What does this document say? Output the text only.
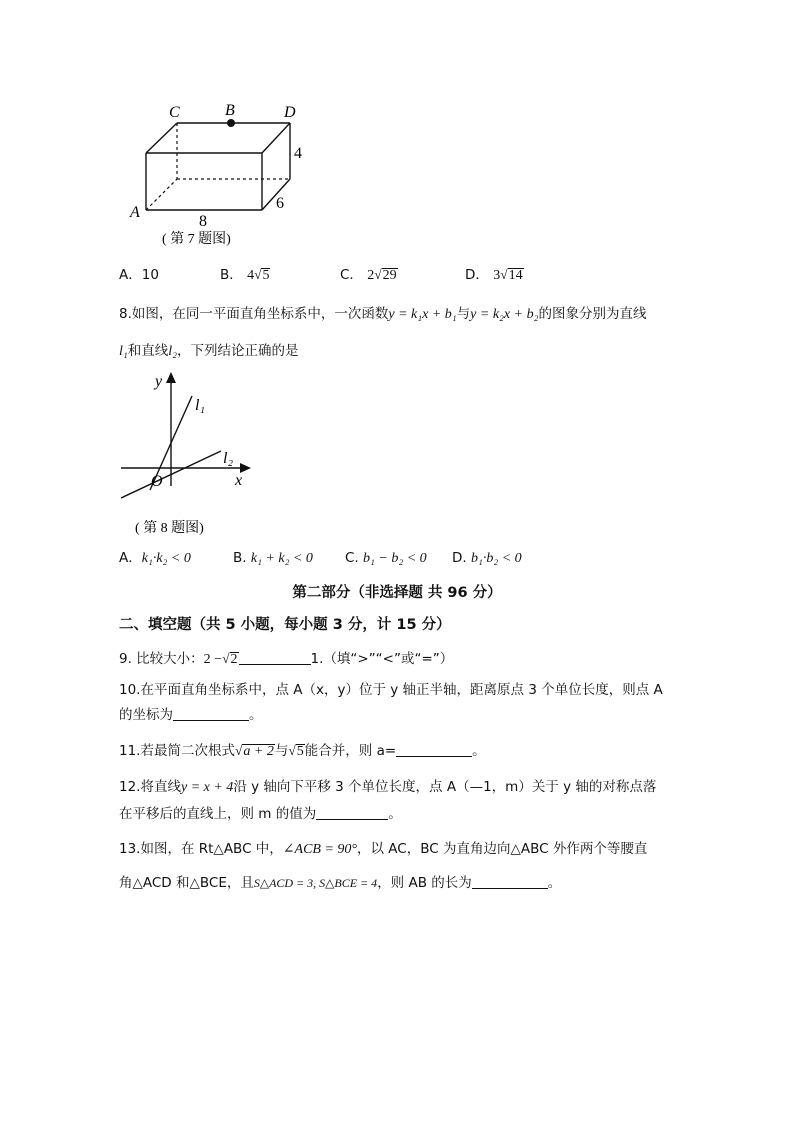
C	B	D
A
4
8
6
( 第 7 题图)
A．10	B． 4√5	C． 2√29	D． 3√14
8.如图，在同一平面直角坐标系中，一次函数y = k₁x + b₁与y = k₂x + b₂的图象分别为直线
l₁和直线l₂，下列结论正确的是
y
x
O
l₁
l₂
( 第 8 题图)
A．k₁·k₂ < 0	B. k₁ + k₂ < 0 C. b₁ − b₂ < 0 D. b₁·b₂ < 0
第二部分（非选择题 共 96 分）
二、填空题（共 5 小题，每小题 3 分，计 15 分）
9. 比较大小：2 −√2	1.（填“>”“<”或“=”）
10.在平面直角坐标系中，点 A（x，y）位于 y 轴正半轴，距离原点 3 个单位长度，则点 A
的坐标为	。
11.若最简二次根式√a + 2与√5能合并，则 a=	。
12.将直线y = x + 4沿 y 轴向下平移 3 个单位长度，点 A（—1，m）关于 y 轴的对称点落
在平移后的直线上，则 m 的值为	。
13.如图，在 Rt△ABC 中，∠ACB = 90°，以 AC，BC 为直角边向△ABC 外作两个等腰直
角△ACD 和△BCE，且S△ACD = 3, S△BCE = 4，则 AB 的长为	。
